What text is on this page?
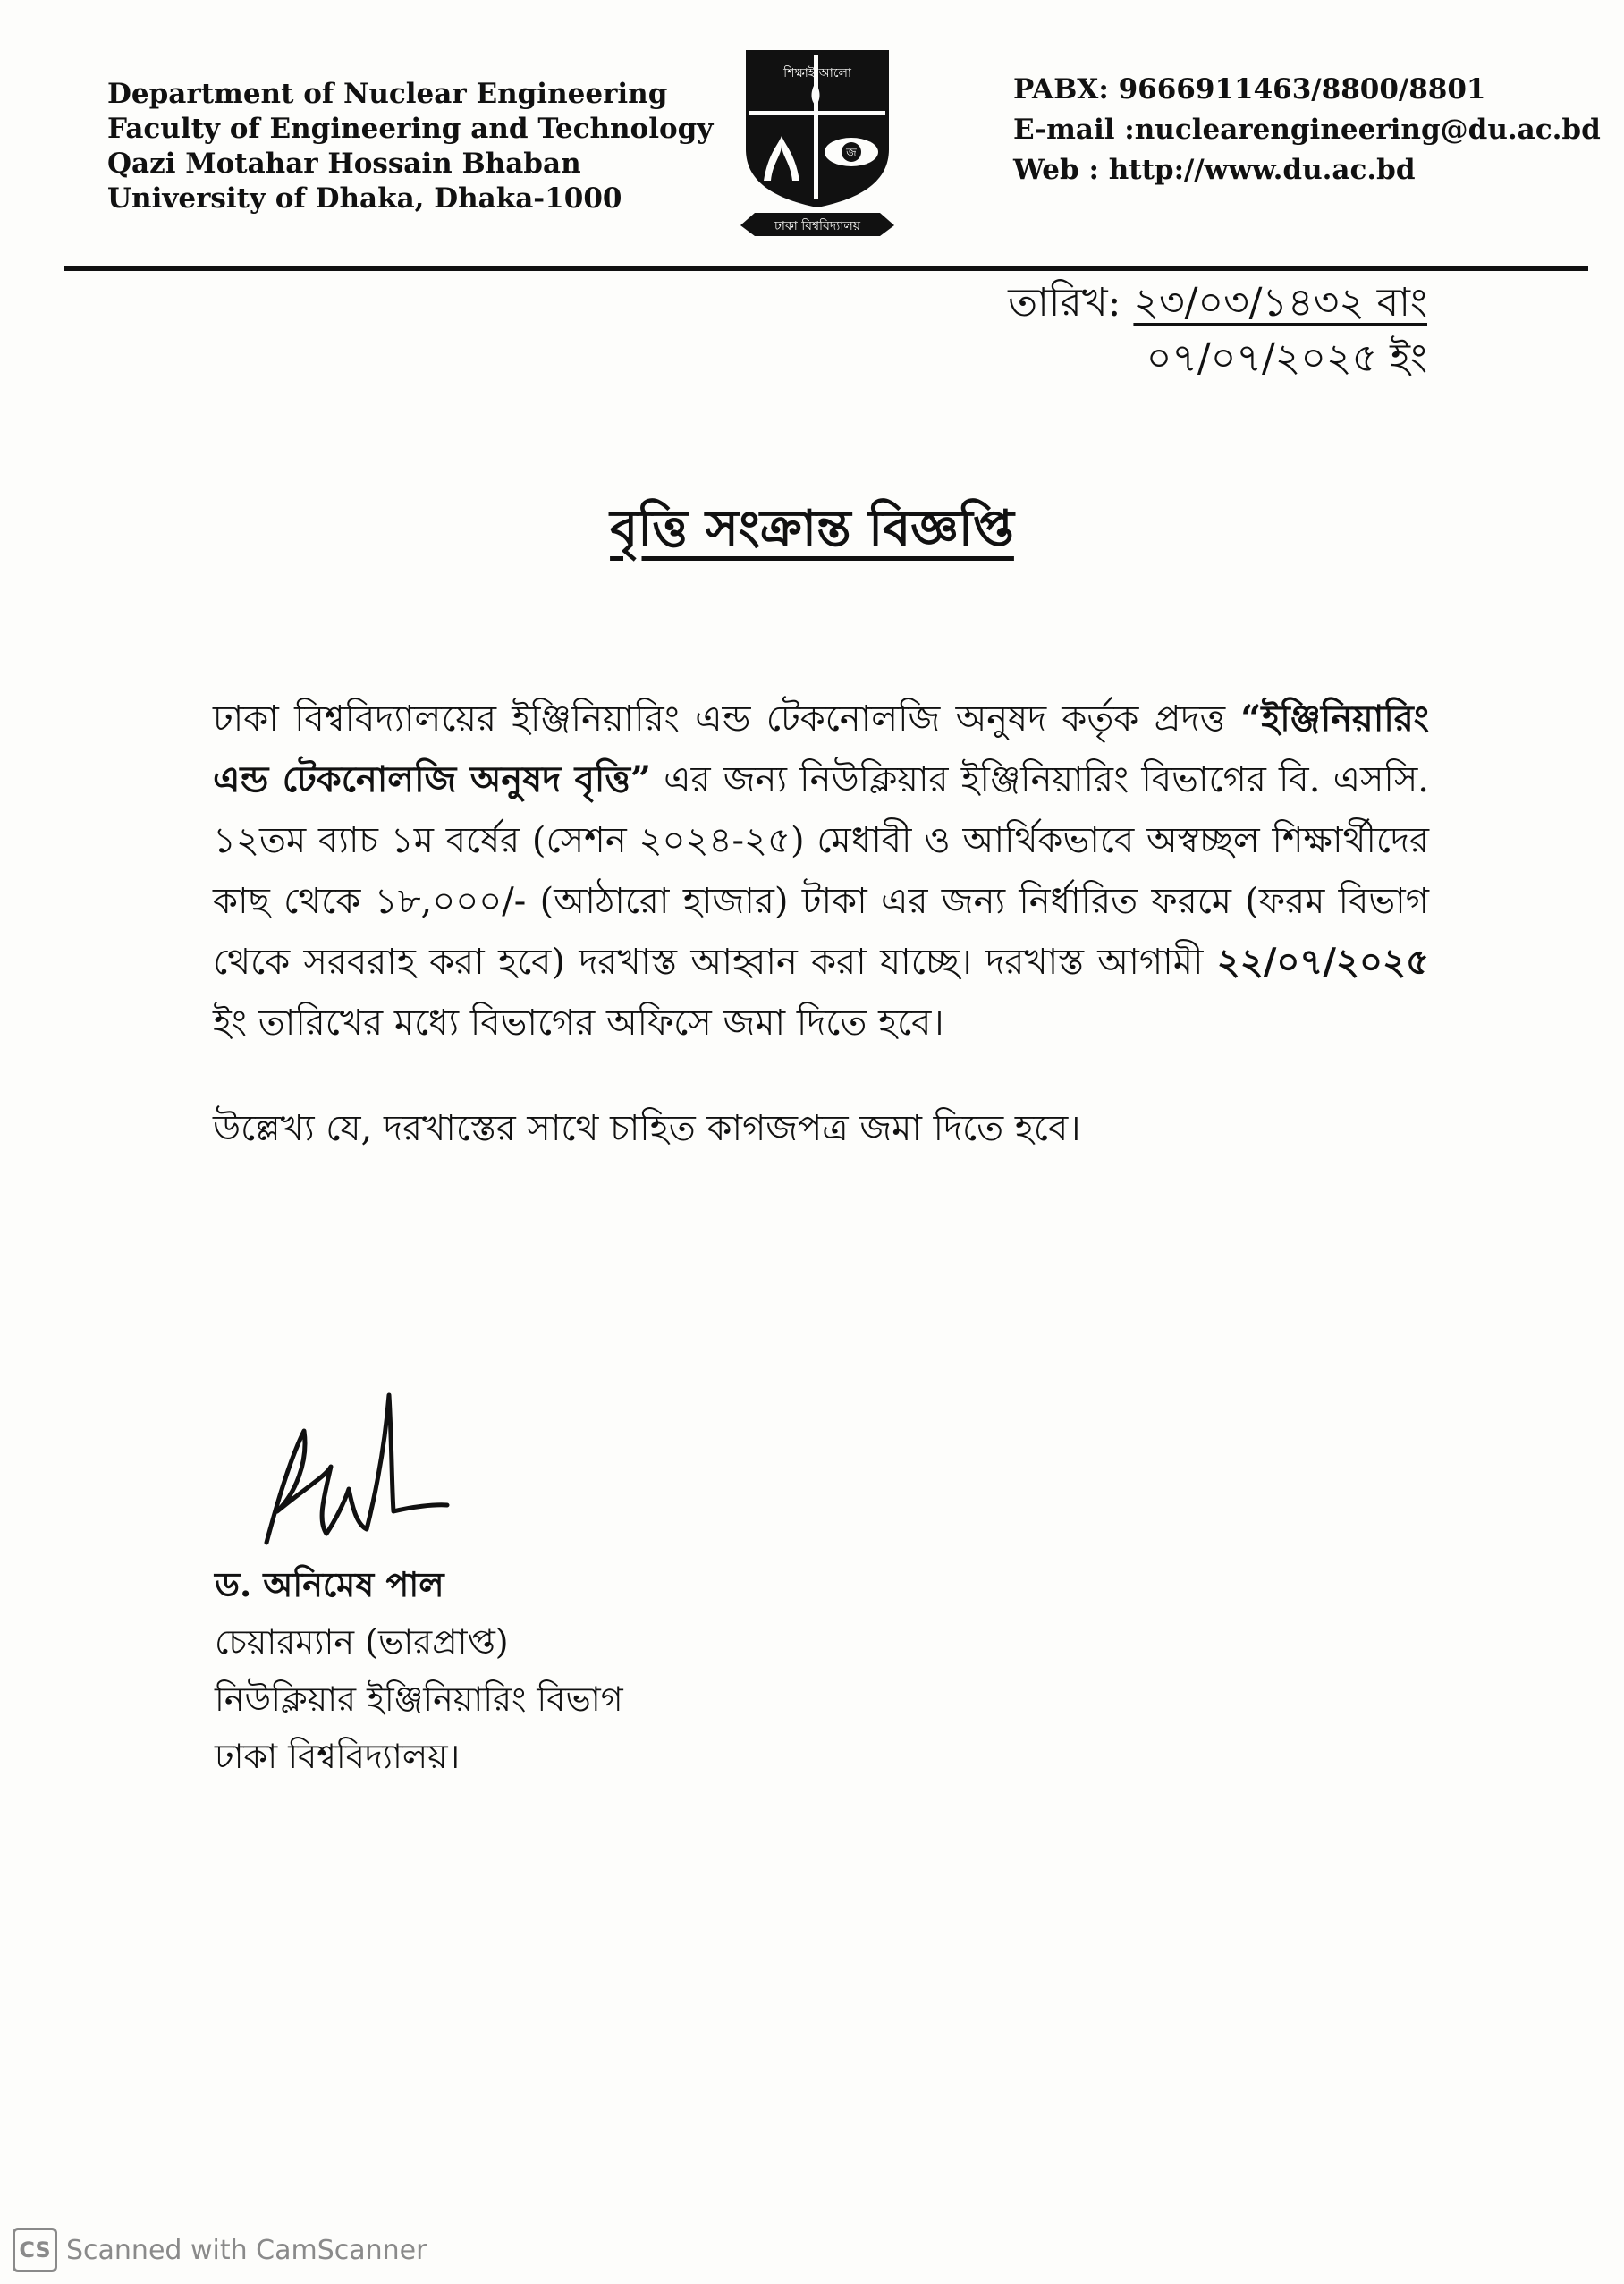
Department of Nuclear Engineering
Faculty of Engineering and Technology
Qazi Motahar Hossain Bhaban
University of Dhaka, Dhaka-1000
শিক্ষাই আলো
জ
ঢাকা বিশ্ববিদ্যালয়
PABX: 9666911463/8800/8801
E-mail :nuclearengineering@du.ac.bd
Web : http://www.du.ac.bd
তারিখ: ২৩/০৩/১৪৩২ বাং
০৭/০৭/২০২৫ ইং
বৃত্তি সংক্রান্ত বিজ্ঞপ্তি
ঢাকা বিশ্ববিদ্যালয়ের ইঞ্জিনিয়ারিং এন্ড টেকনোলজি অনুষদ কর্তৃক প্রদত্ত “ইঞ্জিনিয়ারিং এন্ড টেকনোলজি অনুষদ বৃত্তি” এর জন্য নিউক্লিয়ার ইঞ্জিনিয়ারিং বিভাগের বি. এসসি. ১২তম ব্যাচ ১ম বর্ষের (সেশন ২০২৪-২৫) মেধাবী ও আর্থিকভাবে অস্বচ্ছল শিক্ষার্থীদের কাছ থেকে ১৮,০০০/- (আঠারো হাজার) টাকা এর জন্য নির্ধারিত ফরমে (ফরম বিভাগ থেকে সরবরাহ করা হবে) দরখাস্ত আহ্বান করা যাচ্ছে। দরখাস্ত আগামী ২২/০৭/২০২৫ ইং তারিখের মধ্যে বিভাগের অফিসে জমা দিতে হবে।
উল্লেখ্য যে, দরখাস্তের সাথে চাহিত কাগজপত্র জমা দিতে হবে।
ড. অনিমেষ পাল
চেয়ারম্যান (ভারপ্রাপ্ত)
নিউক্লিয়ার ইঞ্জিনিয়ারিং বিভাগ
ঢাকা বিশ্ববিদ্যালয়।
CS Scanned with CamScanner
